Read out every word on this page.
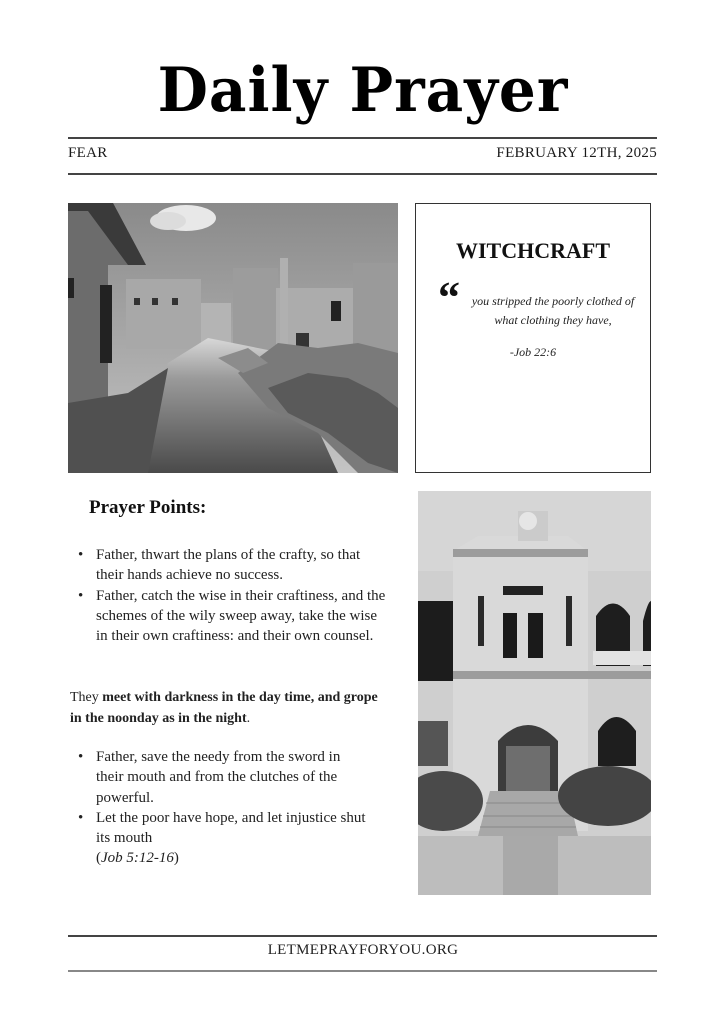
Daily Prayer
FEAR	FEBRUARY 12TH, 2025
WITCHCRAFT
“ you stripped the poorly clothed of what clothing they have,
-Job 22:6
Prayer Points:
• Father, thwart the plans of the crafty, so that their hands achieve no success.
• Father, catch the wise in their craftiness, and the schemes of the wily sweep away, take the wise in their own craftiness: and their own counsel.
They meet with darkness in the day time, and grope in the noonday as in the night.
• Father, save the needy from the sword in their mouth and from the clutches of the powerful.
• Let the poor have hope, and let injustice shut its mouth
(Job 5:12-16)
LETMEPRAYFORYOU.ORG
